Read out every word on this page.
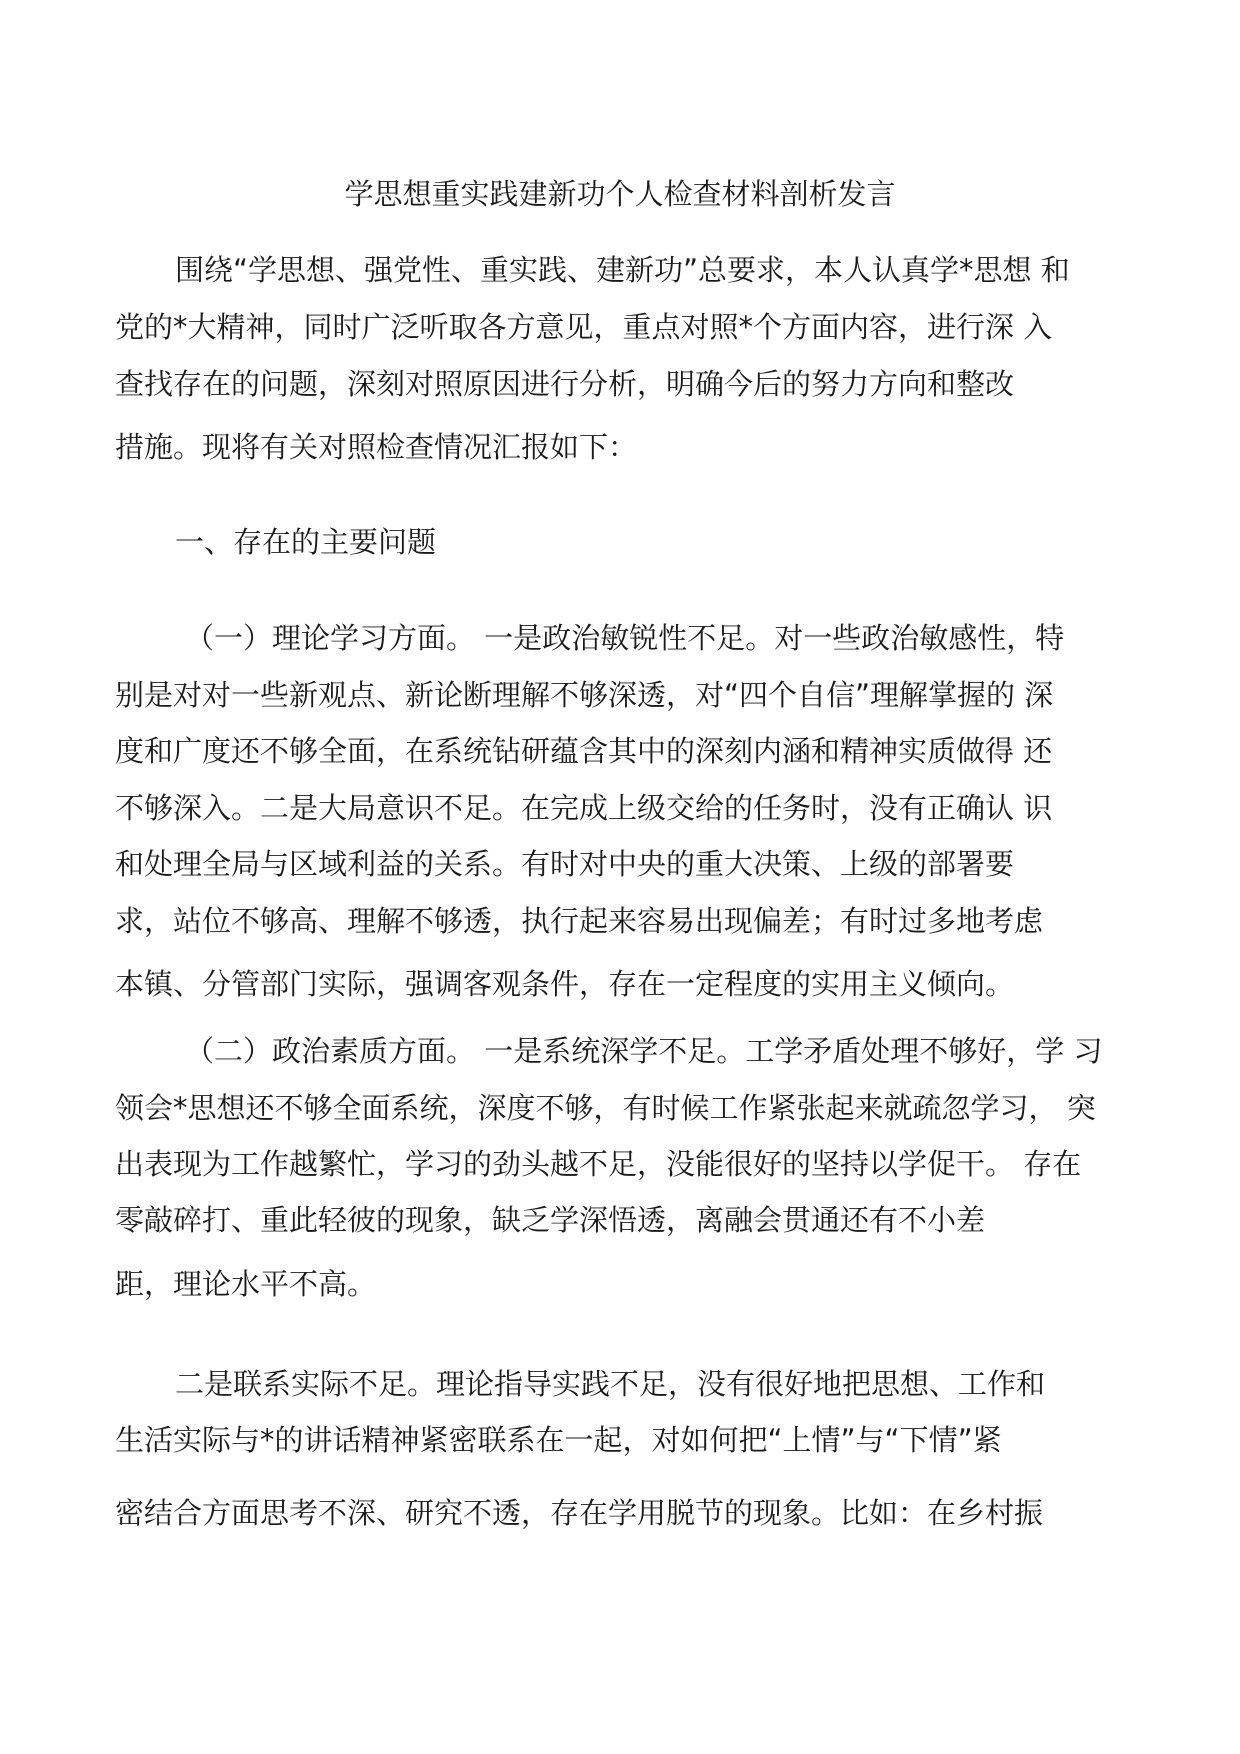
学思想重实践建新功个人检查材料剖析发言
围绕“学思想、强党性、重实践、建新功”总要求，本人认真学*思想 和
党的*大精神，同时广泛听取各方意见，重点对照*个方面内容，进行深 入
查找存在的问题，深刻对照原因进行分析，明确今后的努力方向和整改
措施。现将有关对照检查情况汇报如下：
一、存在的主要问题
（一）理论学习方面。 一是政治敏锐性不足。对一些政治敏感性，特
别是对对一些新观点、新论断理解不够深透，对“四个自信”理解掌握的 深
度和广度还不够全面，在系统钻研蕴含其中的深刻内涵和精神实质做得 还
不够深入。二是大局意识不足。在完成上级交给的任务时，没有正确认 识
和处理全局与区域利益的关系。有时对中央的重大决策、上级的部署要
求，站位不够高、理解不够透，执行起来容易出现偏差；有时过多地考虑
本镇、分管部门实际，强调客观条件，存在一定程度的实用主义倾向。
（二）政治素质方面。 一是系统深学不足。工学矛盾处理不够好，学 习
领会*思想还不够全面系统，深度不够，有时候工作紧张起来就疏忽学习， 突
出表现为工作越繁忙，学习的劲头越不足，没能很好的坚持以学促干。 存在
零敲碎打、重此轻彼的现象，缺乏学深悟透，离融会贯通还有不小差
距，理论水平不高。
二是联系实际不足。理论指导实践不足，没有很好地把思想、工作和
生活实际与*的讲话精神紧密联系在一起，对如何把“上情”与“下情”紧
密结合方面思考不深、研究不透，存在学用脱节的现象。比如：在乡村振
